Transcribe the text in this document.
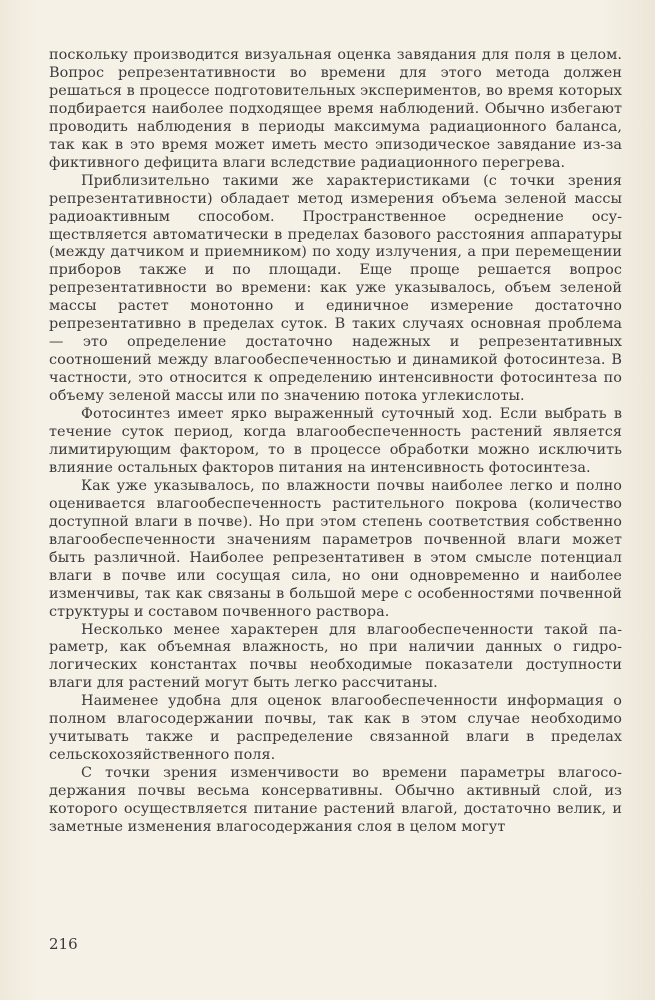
поскольку производится визуальная оценка завядания для поля в целом. Вопрос репрезентативности во времени для этого метода должен решаться в процессе подготовительных экспериментов, во время которых подбирается наиболее подходящее время наблюдений. Обычно избегают проводить наблюдения в периоды максимума радиационного баланса, так как в это время может иметь место эпизодическое завядание из-за фиктивного дефицита влаги вследствие радиационного перегрева.

Приблизительно такими же характеристиками (с точки зрения репрезентативности) обладает метод измерения объема зеленой массы радиоактивным способом. Пространственное осреднение осуществляется автоматически в пределах базового расстояния аппаратуры (между датчиком и приемником) по ходу излучения, а при перемещении приборов также и по площади. Еще проще решается вопрос репрезентативности во времени: как уже указывалось, объем зеленой массы растет монотонно и единичное измерение достаточно репрезентативно в пределах суток. В таких случаях основная проблема — это определение достаточно надежных и репрезентативных соотношений между влагообеспеченностью и динамикой фотосинтеза. В частности, это относится к определению интенсивности фотосинтеза по объему зеленой массы или по значению потока углекислоты.

Фотосинтез имеет ярко выраженный суточный ход. Если выбрать в течение суток период, когда влагообеспеченность растений является лимитирующим фактором, то в процессе обработки можно исключить влияние остальных факторов питания на интенсивность фотосинтеза.

Как уже указывалось, по влажности почвы наиболее легко и полно оценивается влагообеспеченность растительного покрова (количество доступной влаги в почве). Но при этом степень соответствия собственно влагообеспеченности значениям параметров почвенной влаги может быть различной. Наиболее репрезентативен в этом смысле потенциал влаги в почве или сосущая сила, но они одновременно и наиболее изменчивы, так как связаны в большой мере с особенностями почвенной структуры и составом почвенного раствора.

Несколько менее характерен для влагообеспеченности такой параметр, как объемная влажность, но при наличии данных о гидрологических константах почвы необходимые показатели доступности влаги для растений могут быть легко рассчитаны.

Наименее удобна для оценок влагообеспеченности информация о полном влагосодержании почвы, так как в этом случае необходимо учитывать также и распределение связанной влаги в пределах сельскохозяйственного поля.

С точки зрения изменчивости во времени параметры влагосодержания почвы весьма консервативны. Обычно активный слой, из которого осуществляется питание растений влагой, достаточно велик, и заметные изменения влагосодержания слоя в целом могут

216
